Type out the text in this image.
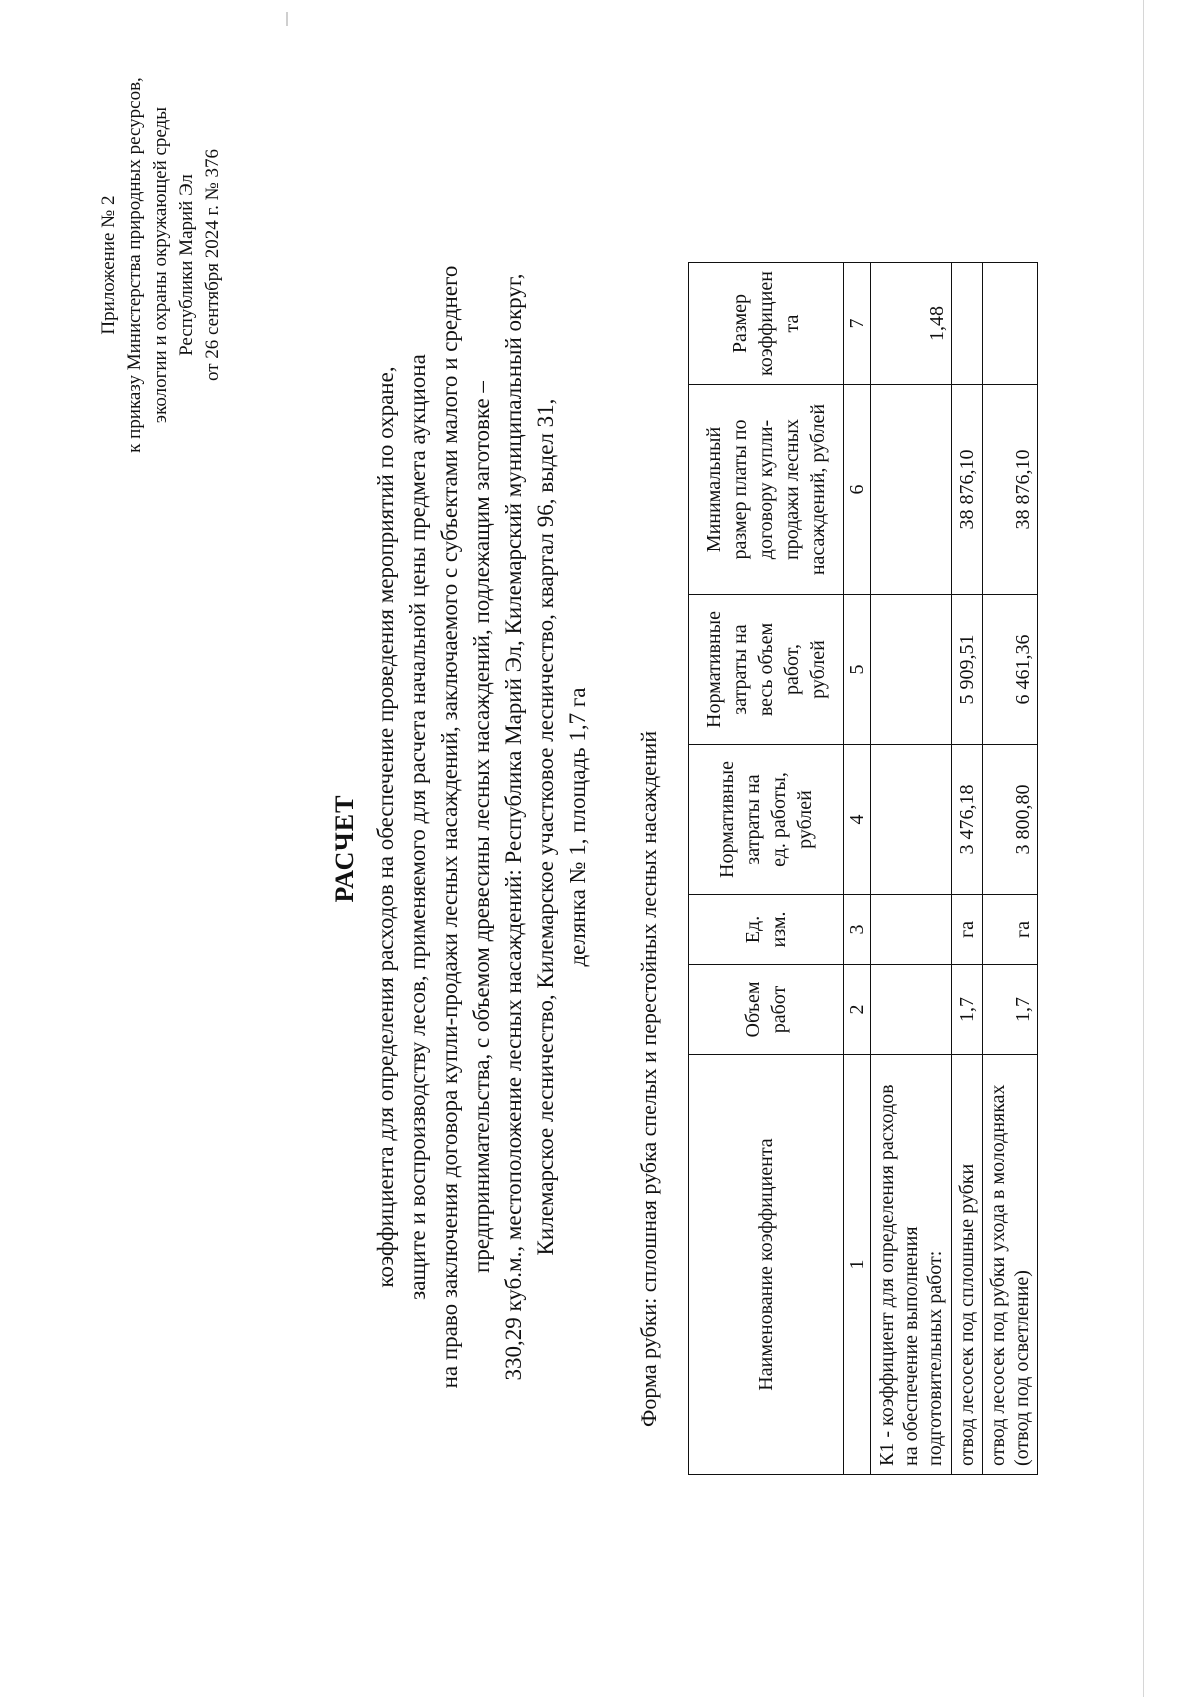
Приложение № 2 к приказу Министерства природных ресурсов, экологии и охраны окружающей среды Республики Марий Эл от 26 сентября 2024 г. № 376
РАСЧЕТ коэффициента для определения расходов на обеспечение проведения мероприятий по охране, защите и воспроизводству лесов, применяемого для расчета начальной цены предмета аукциона на право заключения договора купли-продажи лесных насаждений, заключаемого с субъектами малого и среднего предпринимательства, с объемом древесины лесных насаждений, подлежащим заготовке – 330,29 куб.м., местоположение лесных насаждений: Республика Марий Эл, Килемарский муниципальный округ, Килемарское лесничество, Килемарское участковое лесничество, квартал 96, выдел 31, делянка № 1, площадь 1,7 га Форма рубки: сплошная рубка спелых и перестойных лесных насаждений	Наименование коэффициента	Объем работ	Ед. изм.	Нормативные затраты на ед. работы, рублей	Нормативные затраты на весь объем работ, рублей	Минимальный размер платы по договору купли- продажи лесных насаждений, рублей	Размер коэффициен та
1	2	3	4	5	6	7
К1 - коэффициент для определения расходов на обеспечение выполнения подготовительных работ:						1,48
отвод лесосек под сплошные рубки	1,7	га	3 476,18	5 909,51	38 876,10	
отвод лесосек под рубки ухода в молодняках (отвод под осветление)	1,7	га	3 800,80	6 461,36	38 876,10	
